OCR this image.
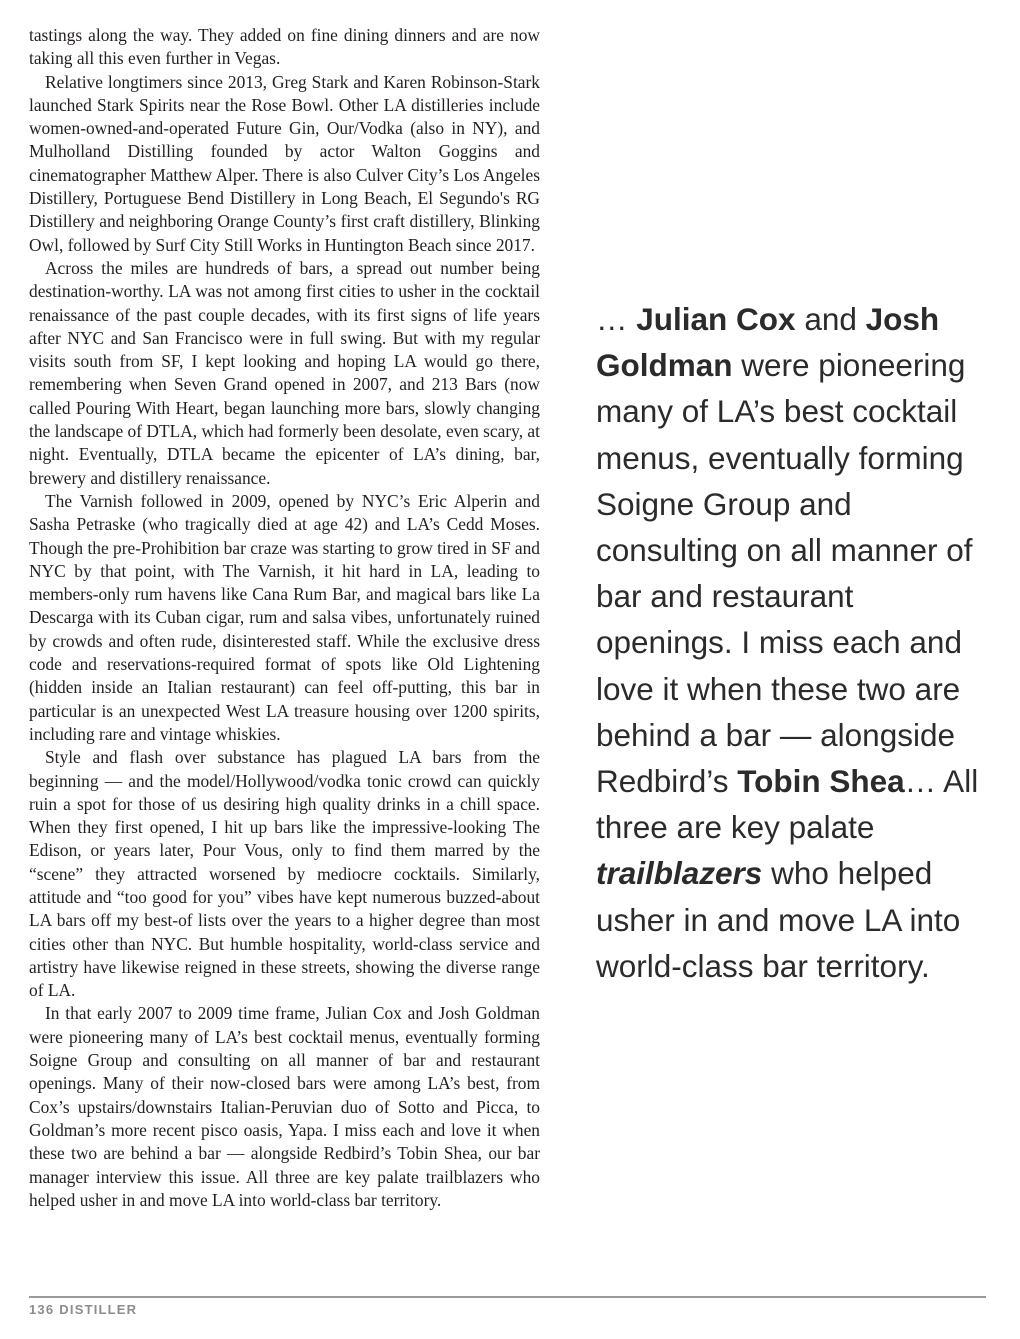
tastings along the way. They added on fine dining dinners and are now taking all this even further in Vegas.

Relative longtimers since 2013, Greg Stark and Karen Robinson-Stark launched Stark Spirits near the Rose Bowl. Other LA distilleries include women-owned-and-operated Future Gin, Our/Vodka (also in NY), and Mulholland Distilling founded by actor Walton Goggins and cinematographer Matthew Alper. There is also Culver City’s Los Angeles Distillery, Portuguese Bend Distillery in Long Beach, El Segundo's RG Distillery and neighboring Orange County’s first craft distillery, Blinking Owl, followed by Surf City Still Works in Huntington Beach since 2017.

Across the miles are hundreds of bars, a spread out number being destination-worthy. LA was not among first cities to usher in the cocktail renaissance of the past couple decades, with its first signs of life years after NYC and San Francisco were in full swing. But with my regular visits south from SF, I kept looking and hoping LA would go there, remembering when Seven Grand opened in 2007, and 213 Bars (now called Pouring With Heart, began launching more bars, slowly changing the landscape of DTLA, which had formerly been desolate, even scary, at night. Eventually, DTLA became the epicenter of LA’s dining, bar, brewery and distillery renaissance.

The Varnish followed in 2009, opened by NYC’s Eric Alperin and Sasha Petraske (who tragically died at age 42) and LA’s Cedd Moses. Though the pre-Prohibition bar craze was starting to grow tired in SF and NYC by that point, with The Varnish, it hit hard in LA, leading to members-only rum havens like Cana Rum Bar, and magical bars like La Descarga with its Cuban cigar, rum and salsa vibes, unfortunately ruined by crowds and often rude, disinterested staff. While the exclusive dress code and reservations-required format of spots like Old Lightening (hidden inside an Italian restaurant) can feel off-putting, this bar in particular is an unexpected West LA treasure housing over 1200 spirits, including rare and vintage whiskies.

Style and flash over substance has plagued LA bars from the beginning — and the model/Hollywood/vodka tonic crowd can quickly ruin a spot for those of us desiring high quality drinks in a chill space. When they first opened, I hit up bars like the impressive-looking The Edison, or years later, Pour Vous, only to find them marred by the “scene” they attracted worsened by mediocre cocktails. Similarly, attitude and “too good for you” vibes have kept numerous buzzed-about LA bars off my best-of lists over the years to a higher degree than most cities other than NYC. But humble hospitality, world-class service and artistry have likewise reigned in these streets, showing the diverse range of LA.

In that early 2007 to 2009 time frame, Julian Cox and Josh Goldman were pioneering many of LA’s best cocktail menus, eventually forming Soigne Group and consulting on all manner of bar and restaurant openings. Many of their now-closed bars were among LA’s best, from Cox’s upstairs/downstairs Italian-Peruvian duo of Sotto and Picca, to Goldman’s more recent pisco oasis, Yapa. I miss each and love it when these two are behind a bar — alongside Redbird’s Tobin Shea, our bar manager interview this issue. All three are key palate trailblazers who helped usher in and move LA into world-class bar territory.

… Julian Cox and Josh Goldman were pioneering many of LA’s best cocktail menus, eventually forming Soigne Group and consulting on all manner of bar and restaurant openings. I miss each and love it when these two are behind a bar — alongside Redbird’s Tobin Shea… All three are key palate trailblazers who helped usher in and move LA into world-class bar territory.

136 DISTILLER
